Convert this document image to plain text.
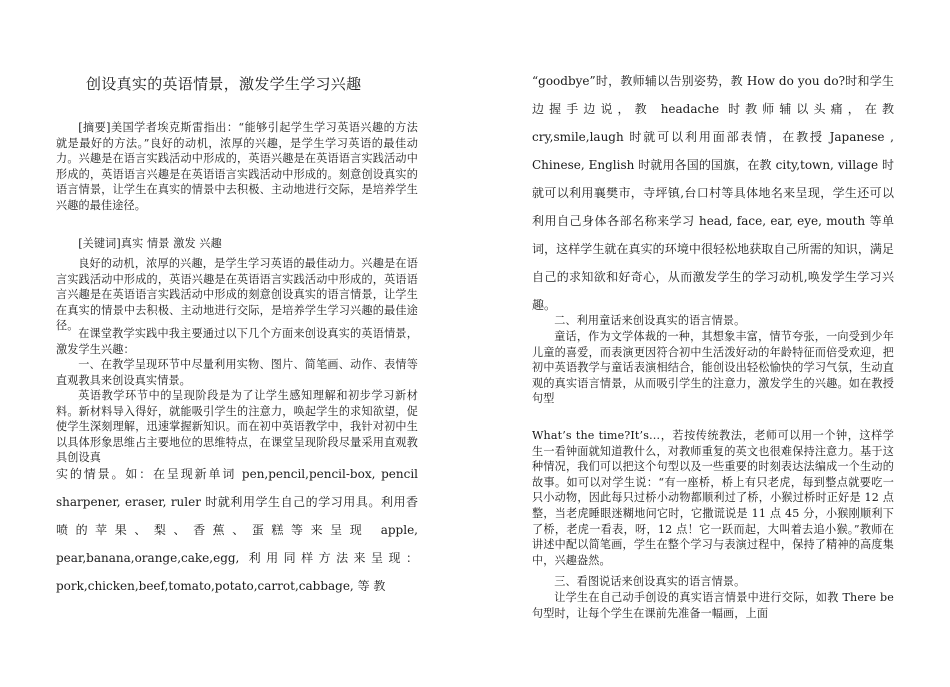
创设真实的英语情景，激发学生学习兴趣

[摘要]美国学者埃克斯雷指出：“能够引起学生学习英语兴趣的方法就是最好的方法。”良好的动机，浓厚的兴趣，是学生学习英语的最佳动力。兴趣是在语言实践活动中形成的，英语兴趣是在英语语言实践活动中形成的，英语语言兴趣是在英语语言实践活动中形成的。刻意创设真实的语言情景，让学生在真实的情景中去积极、主动地进行交际，是培养学生兴趣的最佳途径。

[关键词]真实 情景 激发 兴趣

良好的动机，浓厚的兴趣，是学生学习英语的最佳动力。兴趣是在语言实践活动中形成的，英语兴趣是在英语语言实践活动中形成的，英语语言兴趣是在英语语言实践活动中形成的刻意创设真实的语言情景，让学生在真实的情景中去积极、主动地进行交际，是培养学生学习兴趣的最佳途径。

在课堂教学实践中我主要通过以下几个方面来创设真实的英语情景，激发学生兴趣：

一、在教学呈现环节中尽量利用实物、图片、简笔画、动作、表情等直观教具来创设真实情景。

英语教学环节中的呈现阶段是为了让学生感知理解和初步学习新材料。新材料导入得好，就能吸引学生的注意力，唤起学生的求知欲望，促使学生深刻理解，迅速掌握新知识。而在初中英语教学中，我针对初中生以具体形象思维占主要地位的思维特点，在课堂呈现阶段尽量采用直观教具创设真

实的情景。如：在呈现新单词 pen,pencil,pencil-box, pencil sharpener, eraser, ruler 时就利用学生自己的学习用具。利用香喷的苹果、梨、香蕉、蛋糕等来呈现 apple, pear,banana,orange,cake,egg, 利用同样方法来呈现：pork,chicken,beef,tomato,potato,carrot,cabbage, 等 教

“goodbye”时，教师辅以告别姿势，教 How do you do?时和学生边握手边说，教 headache 时教师辅以头痛，在教 cry,smile,laugh 时就可以利用面部表情，在教授 Japanese , Chinese, English 时就用各国的国旗，在教 city,town, village 时就可以利用襄樊市，寺坪镇,台口村等具体地名来呈现，学生还可以利用自己身体各部名称来学习 head, face, ear, eye, mouth 等单词，这样学生就在真实的环境中很轻松地获取自己所需的知识，满足自己的求知欲和好奇心，从而激发学生的学习动机,唤发学生学习兴趣。

二、利用童话来创设真实的语言情景。

童话，作为文学体裁的一种，其想象丰富，情节夸张，一向受到少年儿童的喜爱，而表演更因符合初中生活泼好动的年龄特征而倍受欢迎，把初中英语教学与童话表演相结合，能创设出轻松愉快的学习气氛，生动直观的真实语言情景，从而吸引学生的注意力，激发学生的兴趣。如在教授 句型

What’s the time?It’s…，若按传统教法，老师可以用一个钟，这样学生一看钟面就知道教什么，对教师重复的英文也很难保持注意力。基于这种情况，我们可以把这个句型以及一些重要的时刻表达法编成一个生动的故事。如可以对学生说：“有一座桥，桥上有只老虎，每到整点就要吃一只小动物，因此每只过桥小动物都顺利过了桥，小猴过桥时正好是 12 点整，当老虎睡眼迷糊地问它时，它撒谎说是 11 点 45 分，小猴刚顺利下了桥，老虎一看表，呀，12 点！它一跃而起，大叫着去追小猴。”教师在讲述中配以简笔画，学生在整个学习与表演过程中，保持了精神的高度集中，兴趣盎然。

三、看图说话来创设真实的语言情景。

让学生在自己动手创设的真实语言情景中进行交际，如教 There be 句型时，让每个学生在课前先准备一幅画，上面
